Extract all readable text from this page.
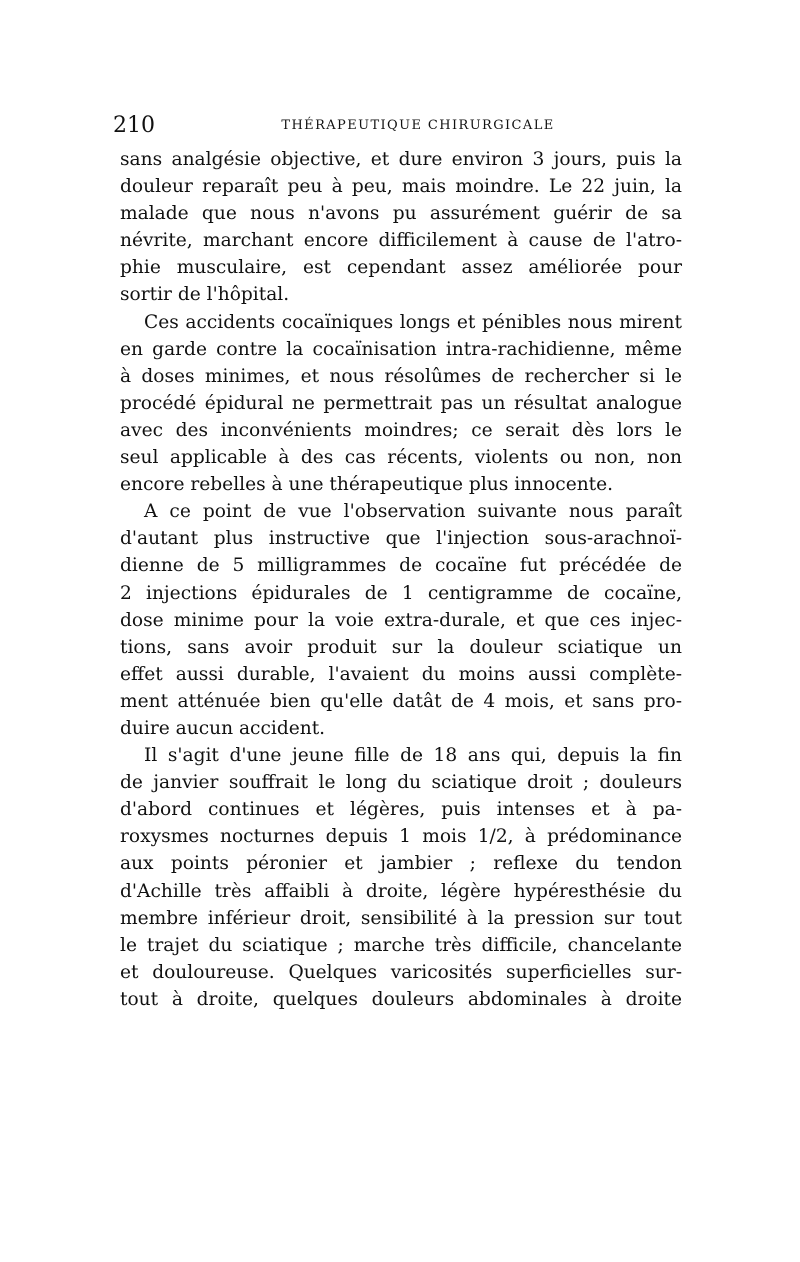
210	THÉRAPEUTIQUE CHIRURGICALE
sans analgésie objective, et dure environ 3 jours, puis la
douleur reparaît peu à peu, mais moindre. Le 22 juin, la
malade que nous n'avons pu assurément guérir de sa
névrite, marchant encore difficilement à cause de l'atro-
phie musculaire, est cependant assez améliorée pour
sortir de l'hôpital.
Ces accidents cocaïniques longs et pénibles nous mirent
en garde contre la cocaïnisation intra-rachidienne, même
à doses minimes, et nous résolûmes de rechercher si le
procédé épidural ne permettrait pas un résultat analogue
avec des inconvénients moindres; ce serait dès lors le
seul applicable à des cas récents, violents ou non, non
encore rebelles à une thérapeutique plus innocente.
A ce point de vue l'observation suivante nous paraît
d'autant plus instructive que l'injection sous-arachnoï-
dienne de 5 milligrammes de cocaïne fut précédée de
2 injections épidurales de 1 centigramme de cocaïne,
dose minime pour la voie extra-durale, et que ces injec-
tions, sans avoir produit sur la douleur sciatique un
effet aussi durable, l'avaient du moins aussi complète-
ment atténuée bien qu'elle datât de 4 mois, et sans pro-
duire aucun accident.
Il s'agit d'une jeune fille de 18 ans qui, depuis la fin
de janvier souffrait le long du sciatique droit ; douleurs
d'abord continues et légères, puis intenses et à pa-
roxysmes nocturnes depuis 1 mois 1/2, à prédominance
aux points péronier et jambier ; reflexe du tendon
d'Achille très affaibli à droite, légère hypéresthésie du
membre inférieur droit, sensibilité à la pression sur tout
le trajet du sciatique ; marche très difficile, chancelante
et douloureuse. Quelques varicosités superficielles sur-
tout à droite, quelques douleurs abdominales à droite
